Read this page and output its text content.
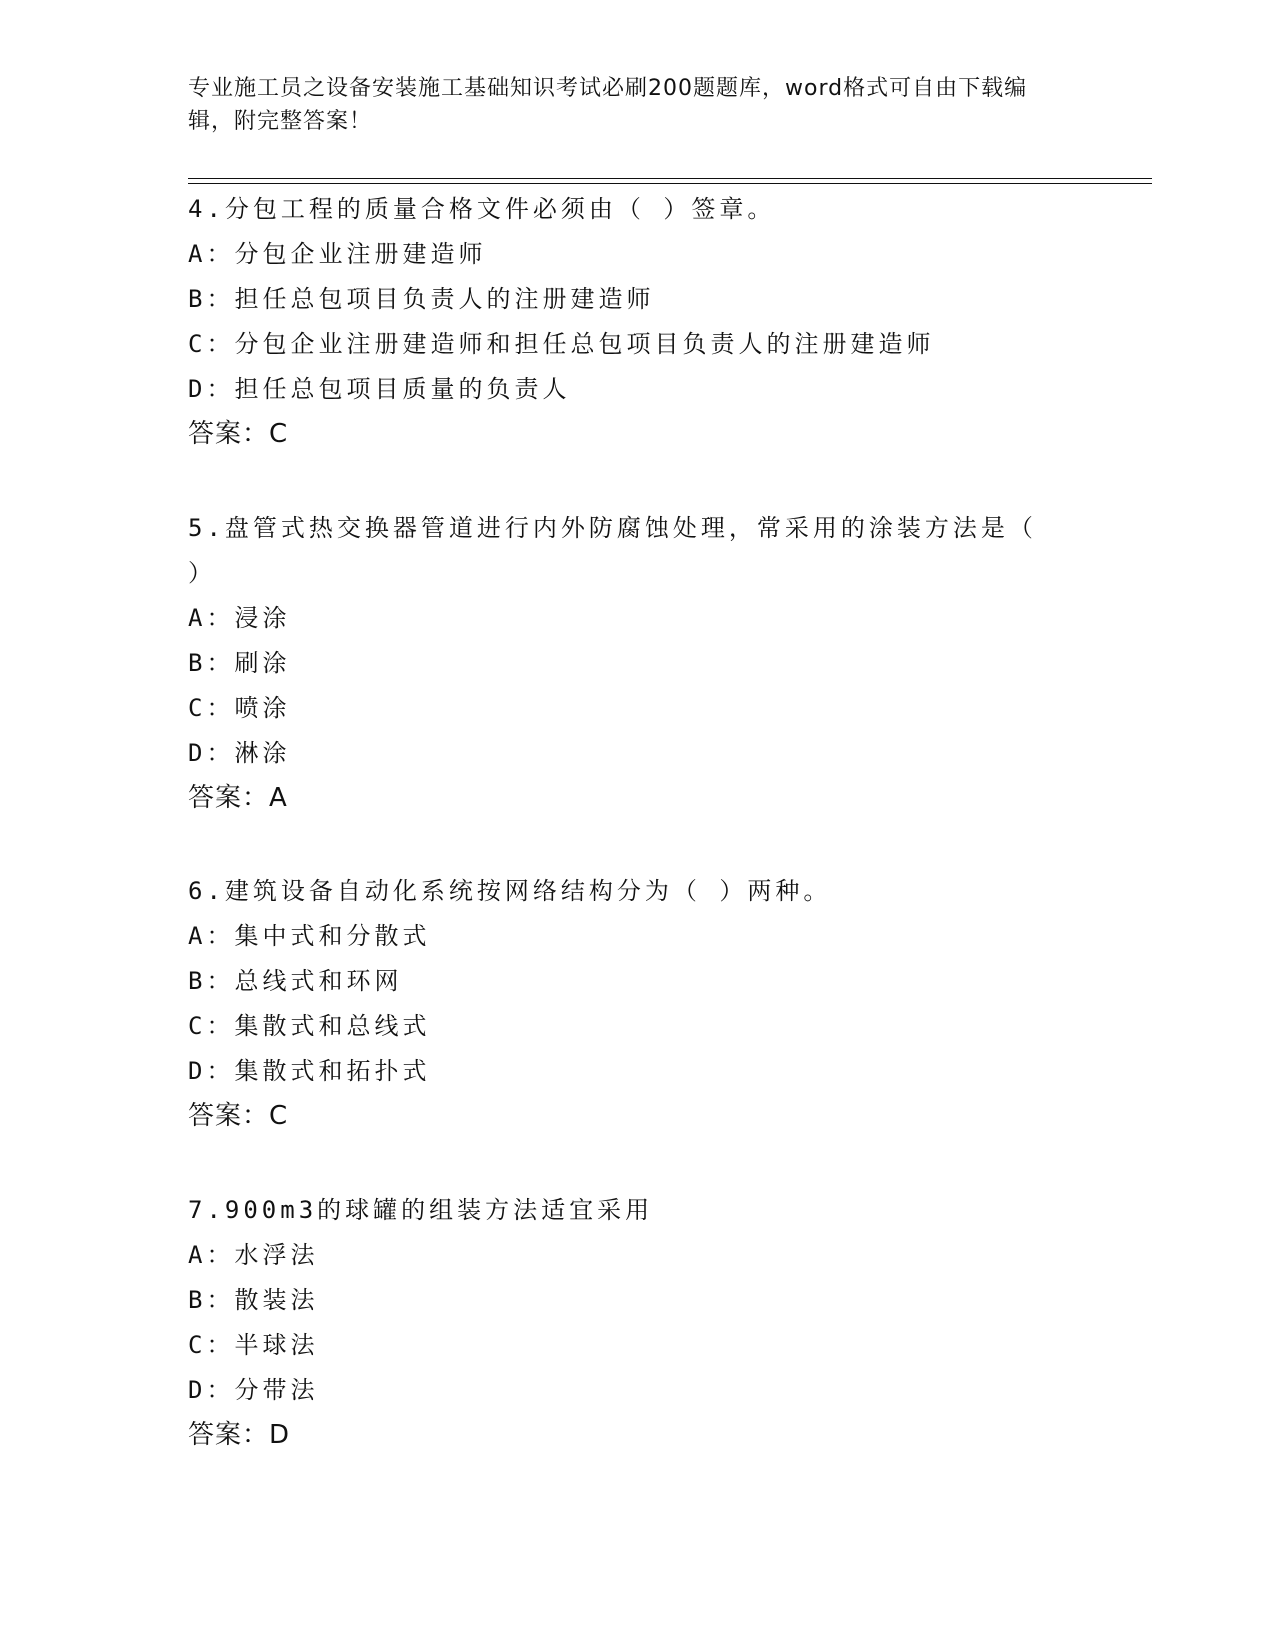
专业施工员之设备安装施工基础知识考试必刷200题题库，word格式可自由下载编辑，附完整答案！
4.分包工程的质量合格文件必须由（ ）签章。
A：分包企业注册建造师
B：担任总包项目负责人的注册建造师
C：分包企业注册建造师和担任总包项目负责人的注册建造师
D：担任总包项目质量的负责人
答案：C
5.盘管式热交换器管道进行内外防腐蚀处理，常采用的涂装方法是（ ）
A：浸涂
B：刷涂
C：喷涂
D：淋涂
答案：A
6.建筑设备自动化系统按网络结构分为（ ）两种。
A：集中式和分散式
B：总线式和环网
C：集散式和总线式
D：集散式和拓扑式
答案：C
7.900m3的球罐的组装方法适宜采用
A：水浮法
B：散装法
C：半球法
D：分带法
答案：D
